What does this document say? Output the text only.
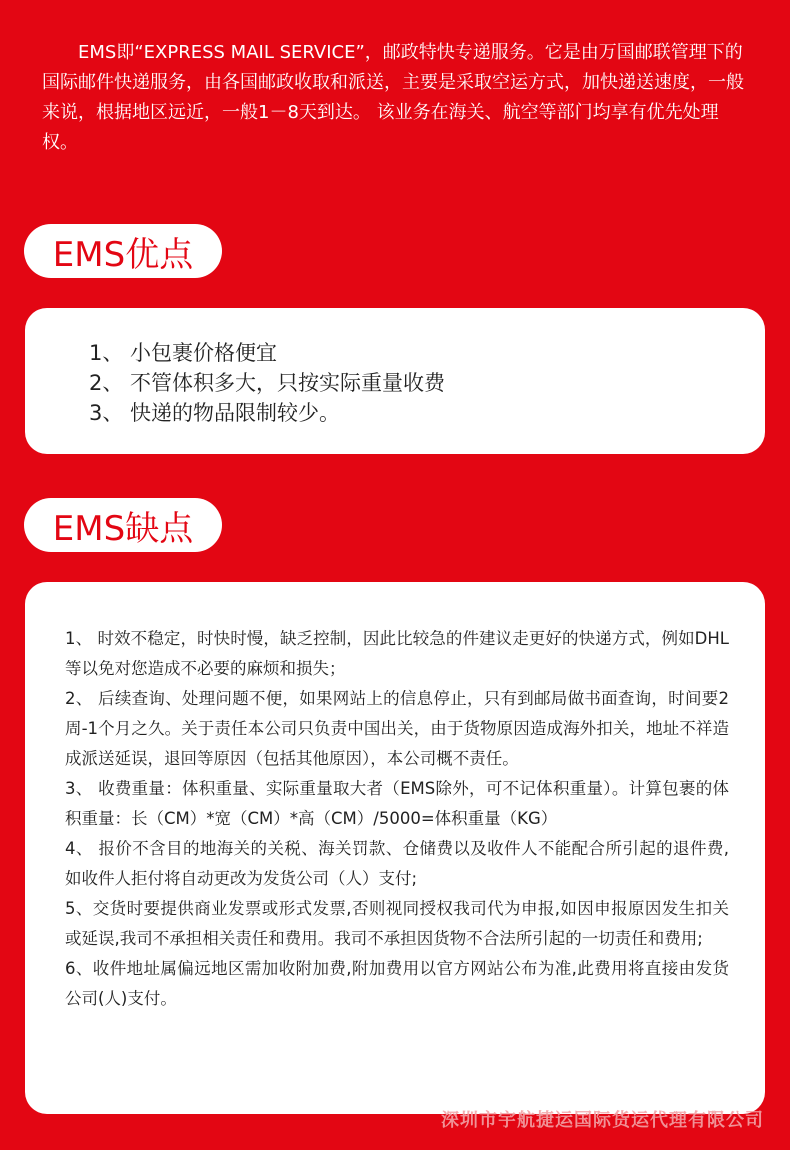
EMS即“EXPRESS MAIL SERVICE”，邮政特快专递服务。它是由万国邮联管理下的国际邮件快递服务，由各国邮政收取和派送，主要是采取空运方式，加快递送速度，一般来说，根据地区远近，一般1－8天到达。 该业务在海关、航空等部门均享有优先处理权。

EMS优点
1、 小包裹价格便宜
2、 不管体积多大，只按实际重量收费
3、 快递的物品限制较少。
EMS缺点
1、 时效不稳定，时快时慢，缺乏控制，因此比较急的件建议走更好的快递方式，例如DHL等以免对您造成不必要的麻烦和损失；
2、 后续查询、处理问题不便，如果网站上的信息停止，只有到邮局做书面查询，时间要2周-1个月之久。关于责任本公司只负责中国出关，由于货物原因造成海外扣关，地址不祥造成派送延误，退回等原因（包括其他原因），本公司概不责任。
3、 收费重量：体积重量、实际重量取大者（EMS除外，可不记体积重量）。计算包裹的体积重量：长（CM）*宽（CM）*高（CM）/5000=体积重量（KG）
4、 报价不含目的地海关的关税、海关罚款、仓储费以及收件人不能配合所引起的退件费,如收件人拒付将自动更改为发货公司（人）支付;
5、交货时要提供商业发票或形式发票,否则视同授权我司代为申报,如因申报原因发生扣关或延误,我司不承担相关责任和费用。我司不承担因货物不合法所引起的一切责任和费用;
6、收件地址属偏远地区需加收附加费,附加费用以官方网站公布为准,此费用将直接由发货公司(人)支付。
深圳市宇航捷运国际货运代理有限公司
